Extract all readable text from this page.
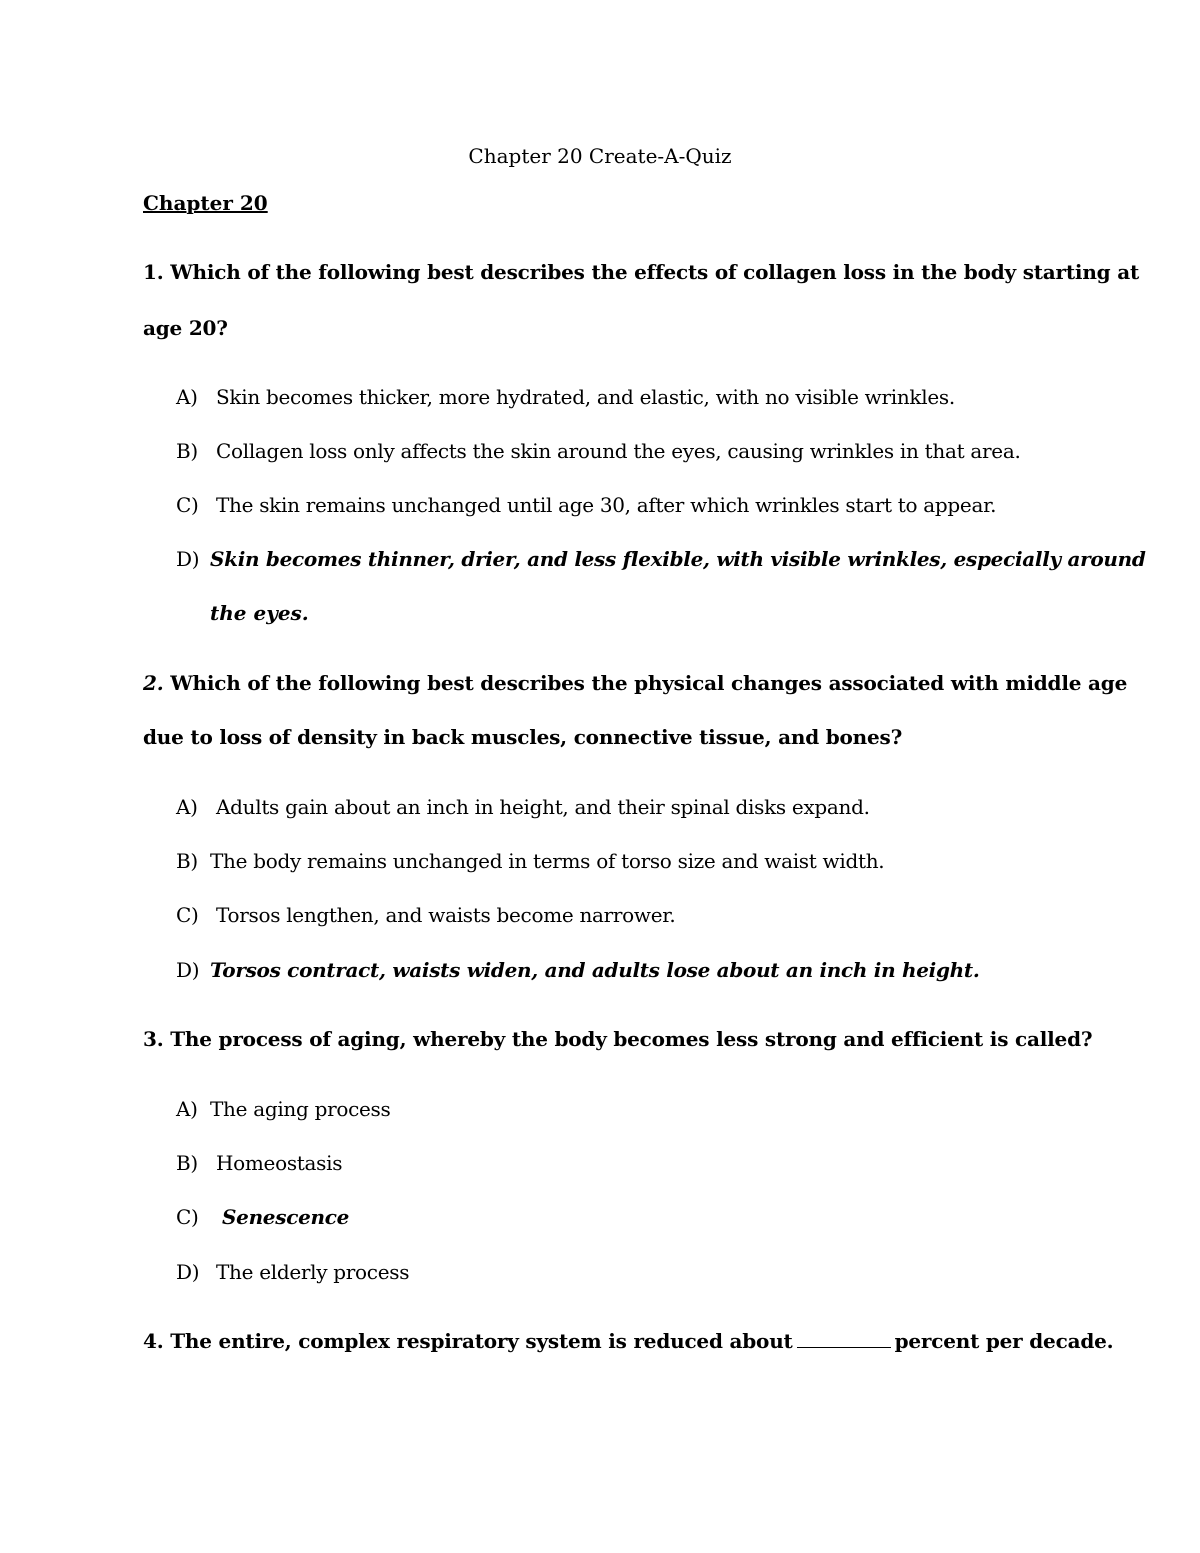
Chapter 20 Create-A-Quiz
Chapter 20
1. Which of the following best describes the effects of collagen loss in the body starting at
age 20?
A) Skin becomes thicker, more hydrated, and elastic, with no visible wrinkles.
B) Collagen loss only affects the skin around the eyes, causing wrinkles in that area.
C) The skin remains unchanged until age 30, after which wrinkles start to appear.
D) Skin becomes thinner, drier, and less flexible, with visible wrinkles, especially around
the eyes.
2. Which of the following best describes the physical changes associated with middle age
due to loss of density in back muscles, connective tissue, and bones?
A) Adults gain about an inch in height, and their spinal disks expand.
B) The body remains unchanged in terms of torso size and waist width.
C) Torsos lengthen, and waists become narrower.
D) Torsos contract, waists widen, and adults lose about an inch in height.
3. The process of aging, whereby the body becomes less strong and efficient is called?
A) The aging process
B) Homeostasis
C) Senescence
D) The elderly process
4. The entire, complex respiratory system is reduced about	percent per decade.
